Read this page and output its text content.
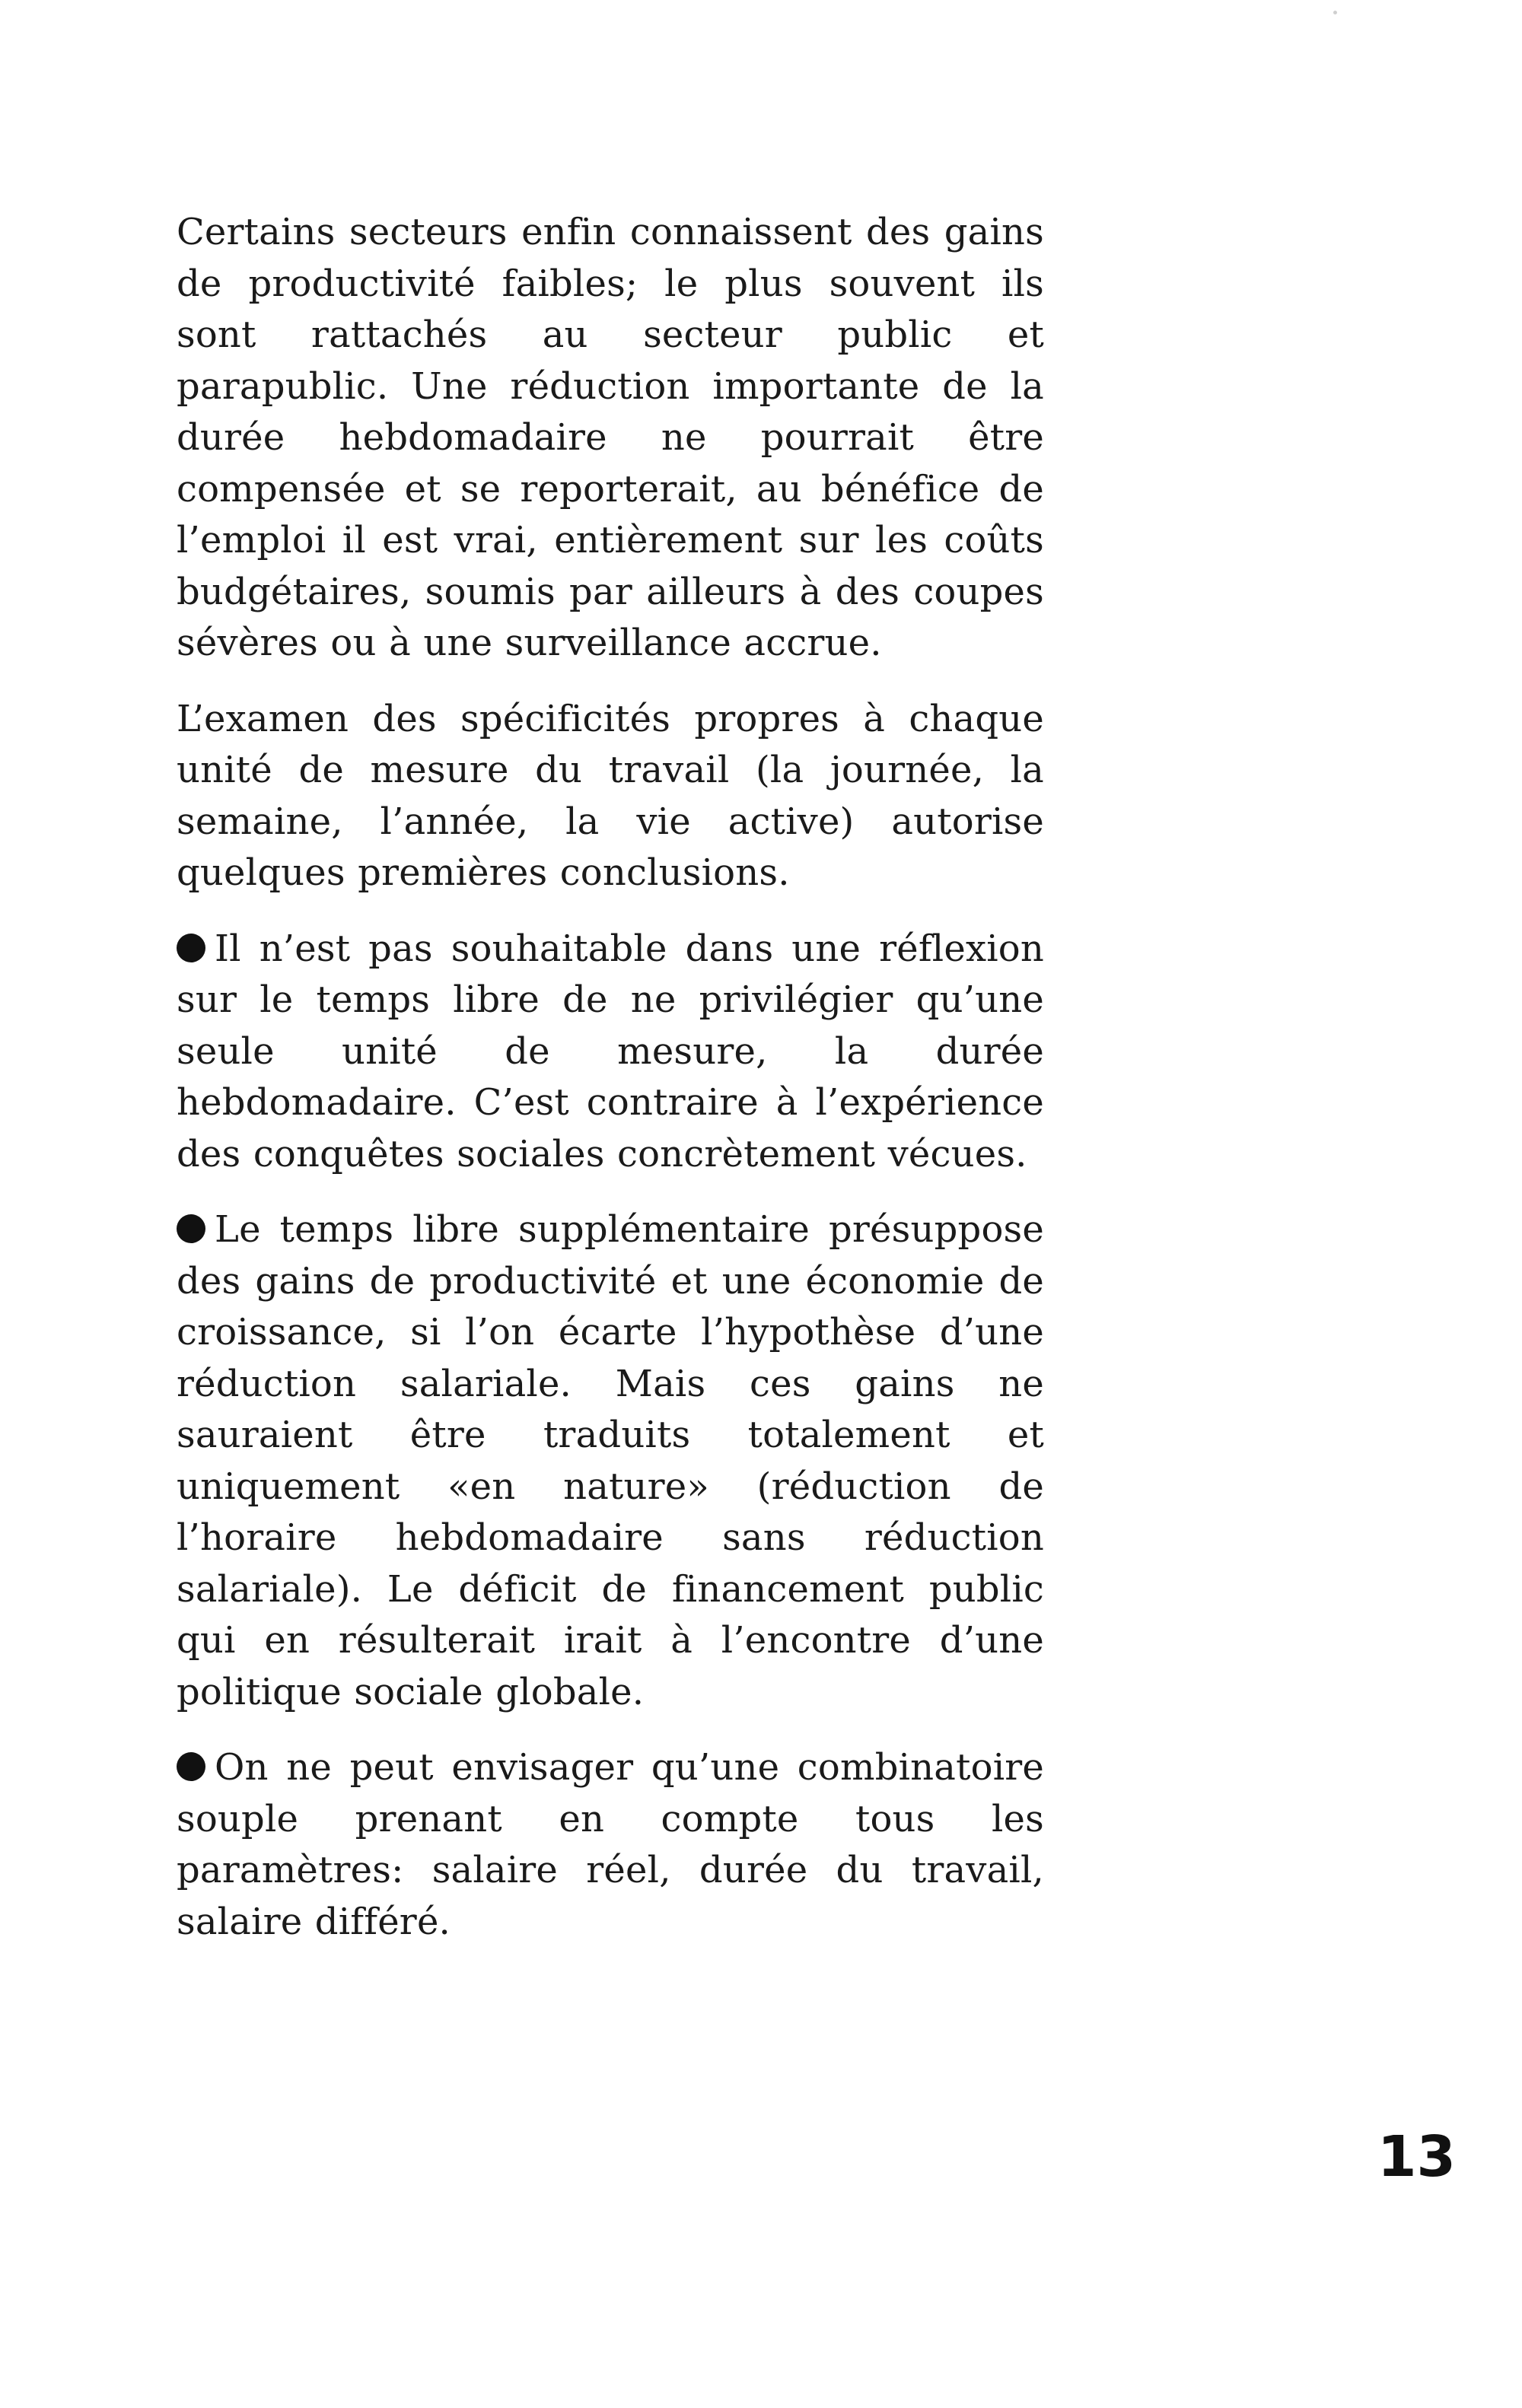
Certains secteurs enfin connaissent des gains de productivité faibles; le plus souvent ils sont rattachés au secteur public et parapublic. Une réduction importante de la durée hebdomadaire ne pourrait être compensée et se reporterait, au bénéfice de l’emploi il est vrai, entièrement sur les coûts budgétaires, soumis par ailleurs à des coupes sévères ou à une surveillance accrue.

L’examen des spécificités propres à chaque unité de mesure du travail (la journée, la semaine, l’année, la vie active) autorise quelques premières conclusions.

Il n’est pas souhaitable dans une réflexion sur le temps libre de ne privilégier qu’une seule unité de mesure, la durée hebdomadaire. C’est contraire à l’expérience des conquêtes sociales concrètement vécues.

Le temps libre supplémentaire présuppose des gains de productivité et une économie de croissance, si l’on écarte l’hypothèse d’une réduction salariale. Mais ces gains ne sauraient être traduits totalement et uniquement «en nature» (réduction de l’horaire hebdomadaire sans réduction salariale). Le déficit de financement public qui en résulterait irait à l’encontre d’une politique sociale globale.

On ne peut envisager qu’une combinatoire souple prenant en compte tous les paramètres: salaire réel, durée du travail, salaire différé.

13
